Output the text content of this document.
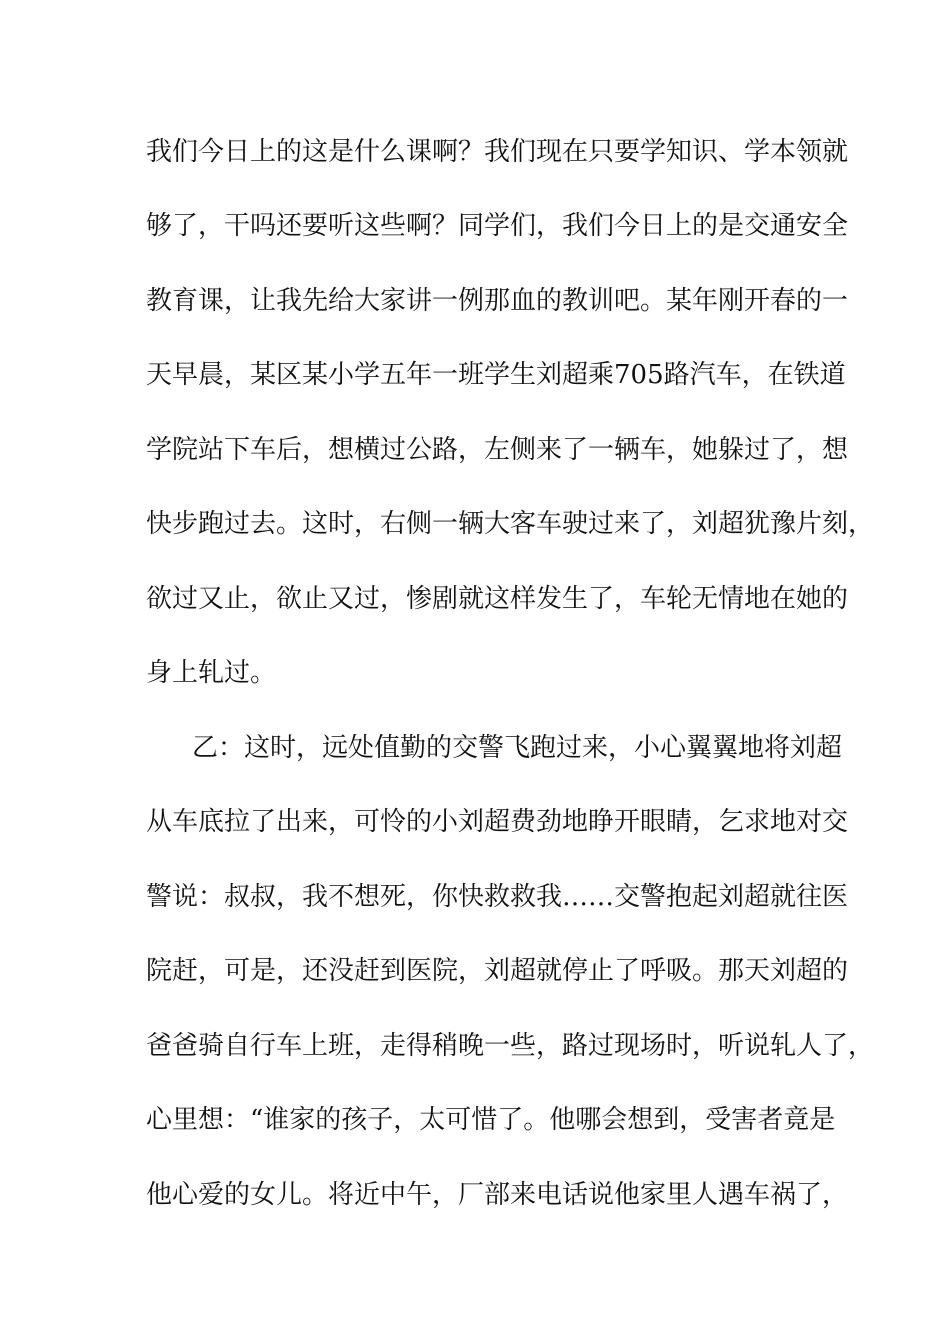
我们今日上的这是什么课啊？我们现在只要学知识、学本领就
够了，干吗还要听这些啊？同学们，我们今日上的是交通安全
教育课，让我先给大家讲一例那血的教训吧。某年刚开春的一
天早晨，某区某小学五年一班学生刘超乘705路汽车，在铁道
学院站下车后，想横过公路，左侧来了一辆车，她躲过了，想
快步跑过去。这时，右侧一辆大客车驶过来了，刘超犹豫片刻，
欲过又止，欲止又过，惨剧就这样发生了，车轮无情地在她的
身上轧过。
乙：这时，远处值勤的交警飞跑过来，小心翼翼地将刘超
从车底拉了出来，可怜的小刘超费劲地睁开眼睛，乞求地对交
警说：叔叔，我不想死，你快救救我……交警抱起刘超就往医
院赶，可是，还没赶到医院，刘超就停止了呼吸。那天刘超的
爸爸骑自行车上班，走得稍晚一些，路过现场时，听说轧人了，
心里想：“谁家的孩子，太可惜了。他哪会想到，受害者竟是
他心爱的女儿。将近中午，厂部来电话说他家里人遇车祸了，
